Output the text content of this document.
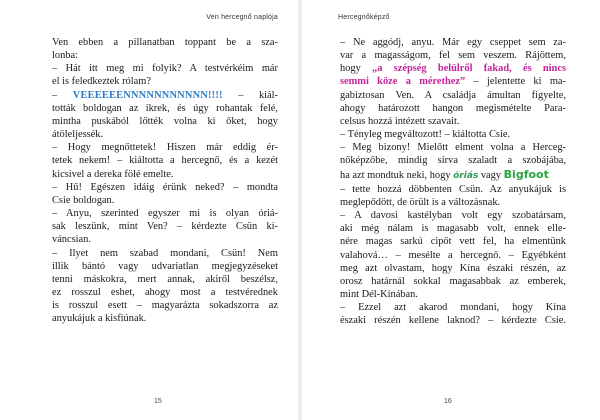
Ven hercegnő naplója
Ven ebben a pillanatban toppant be a sza-
lonba:
– Hát itt meg mi folyik? A testvérkéim már
el is feledkeztek rólam?
– VEEEEEENNNNNNNNNNN!!!! – kiál-
tották boldogan az ikrek, és úgy rohantak felé,
mintha puskából lőtték volna ki őket, hogy
átöleljessék.
– Hogy megnőttetek! Hiszen már eddig ér-
tetek nekem! – kiáltotta a hercegnő, és a kezét
kicsivel a dereka fölé emelte.
– Hű! Egészen idáig érünk neked? – mondta
Csie boldogan.
– Anyu, szerinted egyszer mi is olyan óriá-
sak leszünk, mint Ven? – kérdezte Csün kí-
váncsian.
– Ilyet nem szabad mondani, Csün! Nem
illik bántó vagy udvariatlan megjegyzéseket
tenni máskokra, mert annak, akiről beszélsz,
ez rosszul eshet, ahogy most a testvérednek
is rosszul esett – magyarázta sokadszorra az
anyukájuk a kisfiúnak.
15
Hercegnőképző
– Ne aggódj, anyu. Már egy cseppet sem za-
var a magasságom, fel sem veszem. Rájöttem,
hogy „a szépség belülről fakad, és nincs
semmi köze a mérethez” – jelentette ki ma-
gabiztosan Ven. A családja ámultan figyelte,
ahogy határozott hangon megismételte Para-
celsus hozzá intézett szavait.
– Tényleg megváltozott! – kiáltotta Csie.
– Meg bizony! Mielőtt elment volna a Herceg-
nőképzőbe, mindig sírva szaladt a szobájába,
ha azt mondtuk neki, hogy óriás vagy Bigfoot
– tette hozzá döbbenten Csün. Az anyukájuk is
meglepődött, de örült is a változásnak.
– A davosi kastélyban volt egy szobatársam,
aki még nálam is magasabb volt, ennek elle-
nére magas sarkú cipőt vett fel, ha elmentünk
valahová… – mesélte a hercegnő. – Egyébként
meg azt olvastam, hogy Kína északi részén, az
orosz határnál sokkal magasabbak az emberek,
mint Dél-Kínában.
– Ezzel azt akarod mondani, hogy Kína
északi részén kellene laknod? – kérdezte Csie.
16
